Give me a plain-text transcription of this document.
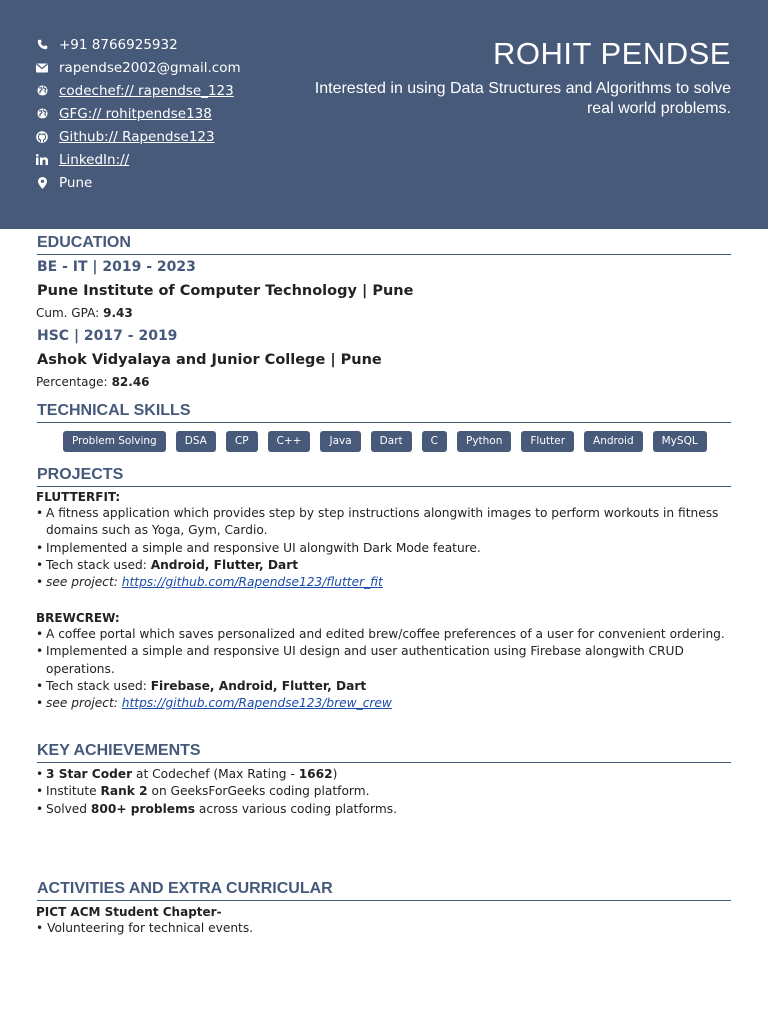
+91 8766925932
rapendse2002@gmail.com
codechef:// rapendse_123
GFG:// rohitpendse138
Github:// Rapendse123
LinkedIn://
Pune
ROHIT PENDSE
Interested in using Data Structures and Algorithms to solve real world problems.
EDUCATION
BE - IT | 2019 - 2023
Pune Institute of Computer Technology | Pune
Cum. GPA: 9.43
HSC | 2017 - 2019
Ashok Vidyalaya and Junior College | Pune
Percentage: 82.46
TECHNICAL SKILLS
Problem Solving	DSA	CP	C++	Java	Dart	C	Python	Flutter	Android	MySQL
PROJECTS
FLUTTERFIT:
• A fitness application which provides step by step instructions alongwith images to perform workouts in fitness domains such as Yoga, Gym, Cardio.
• Implemented a simple and responsive UI alongwith Dark Mode feature.
• Tech stack used: Android, Flutter, Dart
• see project: https://github.com/Rapendse123/flutter_fit
BREWCREW:
• A coffee portal which saves personalized and edited brew/coffee preferences of a user for convenient ordering.
• Implemented a simple and responsive UI design and user authentication using Firebase alongwith CRUD operations.
• Tech stack used: Firebase, Android, Flutter, Dart
• see project: https://github.com/Rapendse123/brew_crew
KEY ACHIEVEMENTS
• 3 Star Coder at Codechef (Max Rating - 1662)
• Institute Rank 2 on GeeksForGeeks coding platform.
• Solved 800+ problems across various coding platforms.
ACTIVITIES AND EXTRA CURRICULAR
PICT ACM Student Chapter-
• Volunteering for technical events.
